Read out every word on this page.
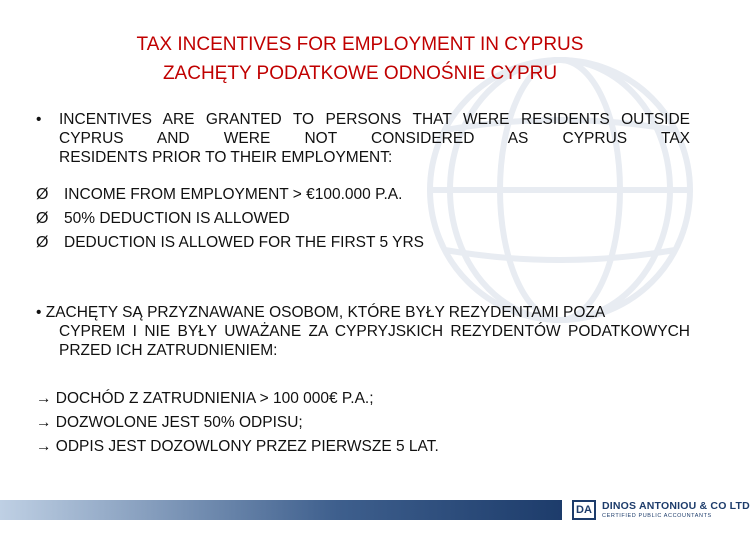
TAX INCENTIVES FOR EMPLOYMENT IN CYPRUS
ZACHĘTY PODATKOWE ODNOŚNIE CYPRU
•	INCENTIVES ARE GRANTED TO PERSONS THAT WERE RESIDENTS OUTSIDE CYPRUS AND WERE NOT CONSIDERED AS CYPRUS TAX
RESIDENTS PRIOR TO THEIR EMPLOYMENT:
Ø INCOME FROM EMPLOYMENT > €100.000 P.A.
Ø 50% DEDUCTION IS ALLOWED
Ø DEDUCTION IS ALLOWED FOR THE FIRST 5 YRS
• ZACHĘTY SĄ PRZYZNAWANE OSOBOM, KTÓRE BYŁY REZYDENTAMI POZA
CYPREM I NIE BYŁY UWAŻANE ZA CYPRYJSKICH REZYDENTÓW PODATKOWYCH PRZED ICH ZATRUDNIENIEM:
→ DOCHÓD Z ZATRUDNIENIA > 100 000€ P.A.;
→ DOZWOLONE JEST 50% ODPISU;
→ ODPIS JEST DOZOWLONY PRZEZ PIERWSZE 5 LAT.
DA DINOS ANTONIOU & CO LTD
CERTIFIED PUBLIC ACCOUNTANTS
